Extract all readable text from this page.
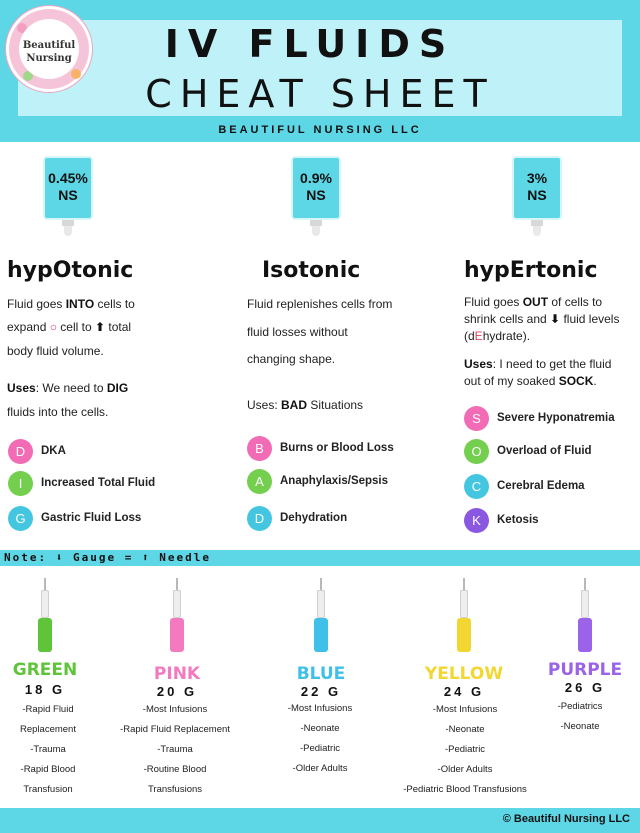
IV FLUIDS
CHEAT SHEET
BEAUTIFUL NURSING LLC
Beautiful
Nursing
0.45%
NS
0.9%
NS
3%
NS
hypOtonic	Isotonic	hypErtonic
Fluid goes INTO cells to
expand ○ cell to ⬆ total
body fluid volume.
Uses: We need to DIG
fluids into the cells.
Fluid replenishes cells from
fluid losses without
changing shape.
Uses: BAD Situations
Fluid goes OUT of cells to
shrink cells and ⬇ fluid levels
(dEhydrate).
Uses: I need to get the fluid
out of my soaked SOCK.
D	DKA
I	Increased Total Fluid
G	Gastric Fluid Loss
B	Burns or Blood Loss
A	Anaphylaxis/Sepsis
D	Dehydration
S	Severe Hyponatremia
O	Overload of Fluid
C	Cerebral Edema
K	Ketosis
Note: ⬇ Gauge = ⬆ Needle
GREEN
18 G
-Rapid Fluid
Replacement
-Trauma
-Rapid Blood
Transfusion
PINK
20 G
-Most Infusions
-Rapid Fluid Replacement
-Trauma
-Routine Blood
Transfusions
BLUE
22 G
-Most Infusions
-Neonate
-Pediatric
-Older Adults
YELLOW
24 G
-Most Infusions
-Neonate
-Pediatric
-Older Adults
-Pediatric Blood Transfusions
PURPLE
26 G
-Pediatrics
-Neonate
© Beautiful Nursing LLC
